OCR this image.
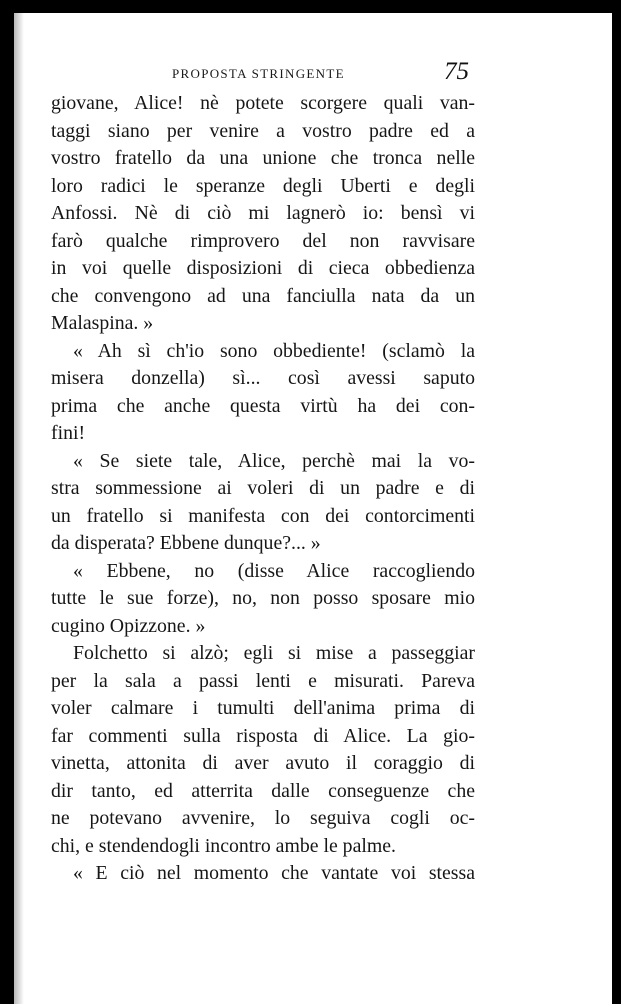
PROPOSTA STRINGENTE	75
giovane, Alice! nè potete scorgere quali van-
taggi siano per venire a vostro padre ed a
vostro fratello da una unione che tronca nelle
loro radici le speranze degli Uberti e degli
Anfossi. Nè di ciò mi lagnerò io: bensì vi
farò qualche rimprovero del non ravvisare
in voi quelle disposizioni di cieca obbedienza
che convengono ad una fanciulla nata da un
Malaspina. »
« Ah sì ch'io sono obbediente! (sclamò la
misera donzella) sì... così avessi saputo
prima che anche questa virtù ha dei con-
fini!
« Se siete tale, Alice, perchè mai la vo-
stra sommessione ai voleri di un padre e di
un fratello si manifesta con dei contorcimenti
da disperata? Ebbene dunque?... »
« Ebbene, no (disse Alice raccogliendo
tutte le sue forze), no, non posso sposare mio
cugino Opizzone. »
Folchetto si alzò; egli si mise a passeggiar
per la sala a passi lenti e misurati. Pareva
voler calmare i tumulti dell'anima prima di
far commenti sulla risposta di Alice. La gio-
vinetta, attonita di aver avuto il coraggio di
dir tanto, ed atterrita dalle conseguenze che
ne potevano avvenire, lo seguiva cogli oc-
chi, e stendendogli incontro ambe le palme.
« E ciò nel momento che vantate voi stessa
